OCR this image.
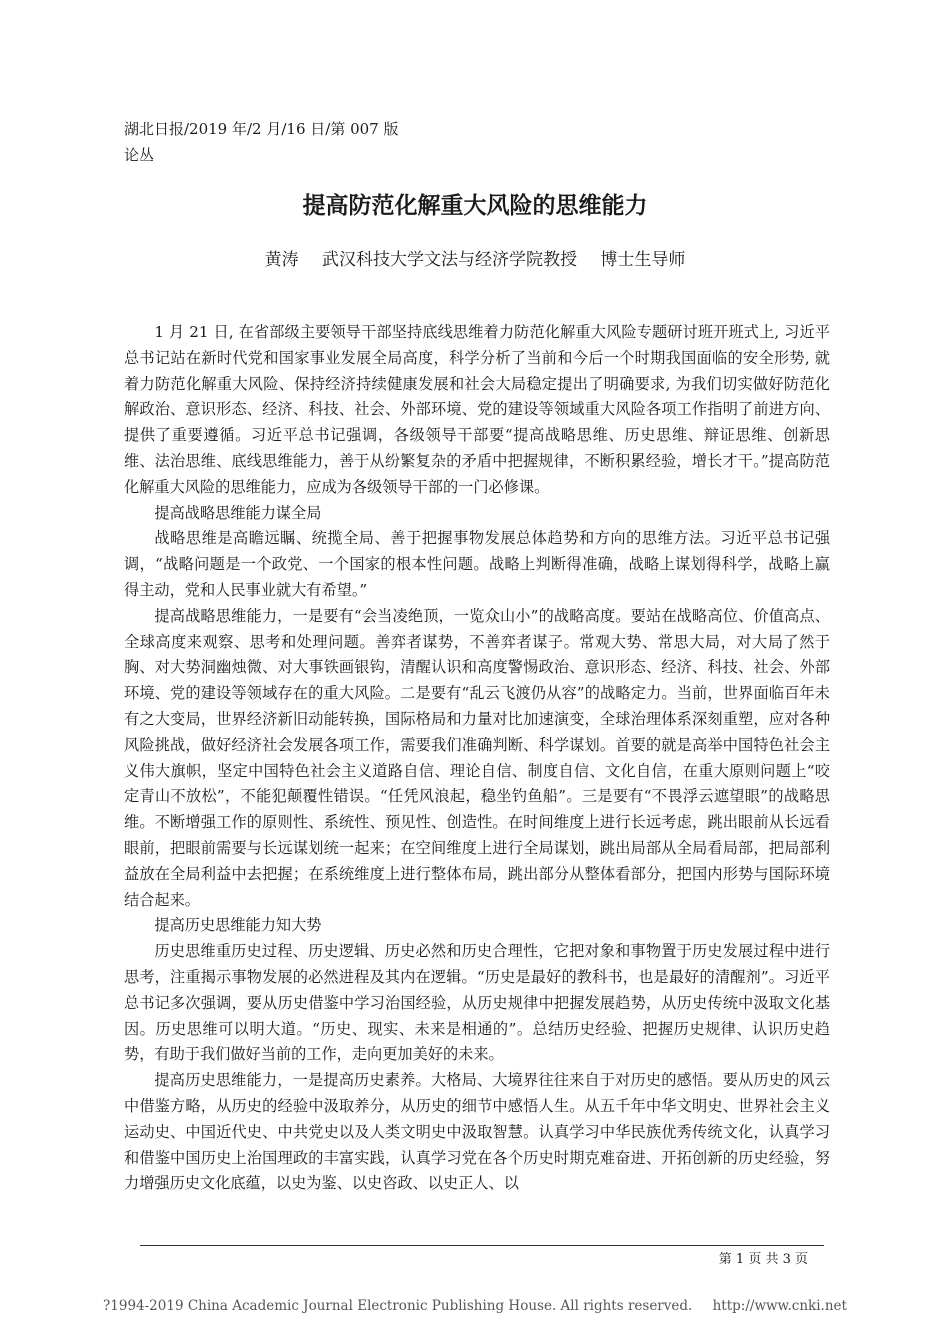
湖北日报/2019 年/2 月/16 日/第 007 版
论丛
提高防范化解重大风险的思维能力
黄涛 武汉科技大学文法与经济学院教授 博士生导师

1 月 21 日, 在省部级主要领导干部坚持底线思维着力防范化解重大风险专题研讨班开班式上, 习近平总书记站在新时代党和国家事业发展全局高度，科学分析了当前和今后一个时期我国面临的安全形势, 就着力防范化解重大风险、保持经济持续健康发展和社会大局稳定提出了明确要求, 为我们切实做好防范化解政治、意识形态、经济、科技、社会、外部环境、党的建设等领域重大风险各项工作指明了前进方向、提供了重要遵循。习近平总书记强调，各级领导干部要“提高战略思维、历史思维、辩证思维、创新思维、法治思维、底线思维能力，善于从纷繁复杂的矛盾中把握规律，不断积累经验，增长才干。”提高防范化解重大风险的思维能力，应成为各级领导干部的一门必修课。

提高战略思维能力谋全局

战略思维是高瞻远瞩、统揽全局、善于把握事物发展总体趋势和方向的思维方法。习近平总书记强调，“战略问题是一个政党、一个国家的根本性问题。战略上判断得准确，战略上谋划得科学，战略上赢得主动，党和人民事业就大有希望。”

提高战略思维能力，一是要有“会当凌绝顶，一览众山小”的战略高度。要站在战略高位、价值高点、全球高度来观察、思考和处理问题。善弈者谋势，不善弈者谋子。常观大势、常思大局，对大局了然于胸、对大势洞幽烛微、对大事铁画银钩，清醒认识和高度警惕政治、意识形态、经济、科技、社会、外部环境、党的建设等领域存在的重大风险。二是要有“乱云飞渡仍从容”的战略定力。当前，世界面临百年未有之大变局，世界经济新旧动能转换，国际格局和力量对比加速演变，全球治理体系深刻重塑，应对各种风险挑战，做好经济社会发展各项工作，需要我们准确判断、科学谋划。首要的就是高举中国特色社会主义伟大旗帜，坚定中国特色社会主义道路自信、理论自信、制度自信、文化自信，在重大原则问题上“咬定青山不放松”，不能犯颠覆性错误。“任凭风浪起，稳坐钓鱼船”。三是要有“不畏浮云遮望眼”的战略思维。不断增强工作的原则性、系统性、预见性、创造性。在时间维度上进行长远考虑，跳出眼前从长远看眼前，把眼前需要与长远谋划统一起来；在空间维度上进行全局谋划，跳出局部从全局看局部，把局部利益放在全局利益中去把握；在系统维度上进行整体布局，跳出部分从整体看部分，把国内形势与国际环境结合起来。

提高历史思维能力知大势

历史思维重历史过程、历史逻辑、历史必然和历史合理性，它把对象和事物置于历史发展过程中进行思考，注重揭示事物发展的必然进程及其内在逻辑。“历史是最好的教科书，也是最好的清醒剂”。习近平总书记多次强调，要从历史借鉴中学习治国经验，从历史规律中把握发展趋势，从历史传统中汲取文化基因。历史思维可以明大道。“历史、现实、未来是相通的”。总结历史经验、把握历史规律、认识历史趋势，有助于我们做好当前的工作，走向更加美好的未来。

提高历史思维能力，一是提高历史素养。大格局、大境界往往来自于对历史的感悟。要从历史的风云中借鉴方略，从历史的经验中汲取养分，从历史的细节中感悟人生。从五千年中华文明史、世界社会主义运动史、中国近代史、中共党史以及人类文明史中汲取智慧。认真学习中华民族优秀传统文化，认真学习和借鉴中国历史上治国理政的丰富实践，认真学习党在各个历史时期克难奋进、开拓创新的历史经验，努力增强历史文化底蕴，以史为鉴、以史咨政、以史正人、以

第 1 页 共 3 页
?1994-2019 China Academic Journal Electronic Publishing House. All rights reserved. http://www.cnki.net
